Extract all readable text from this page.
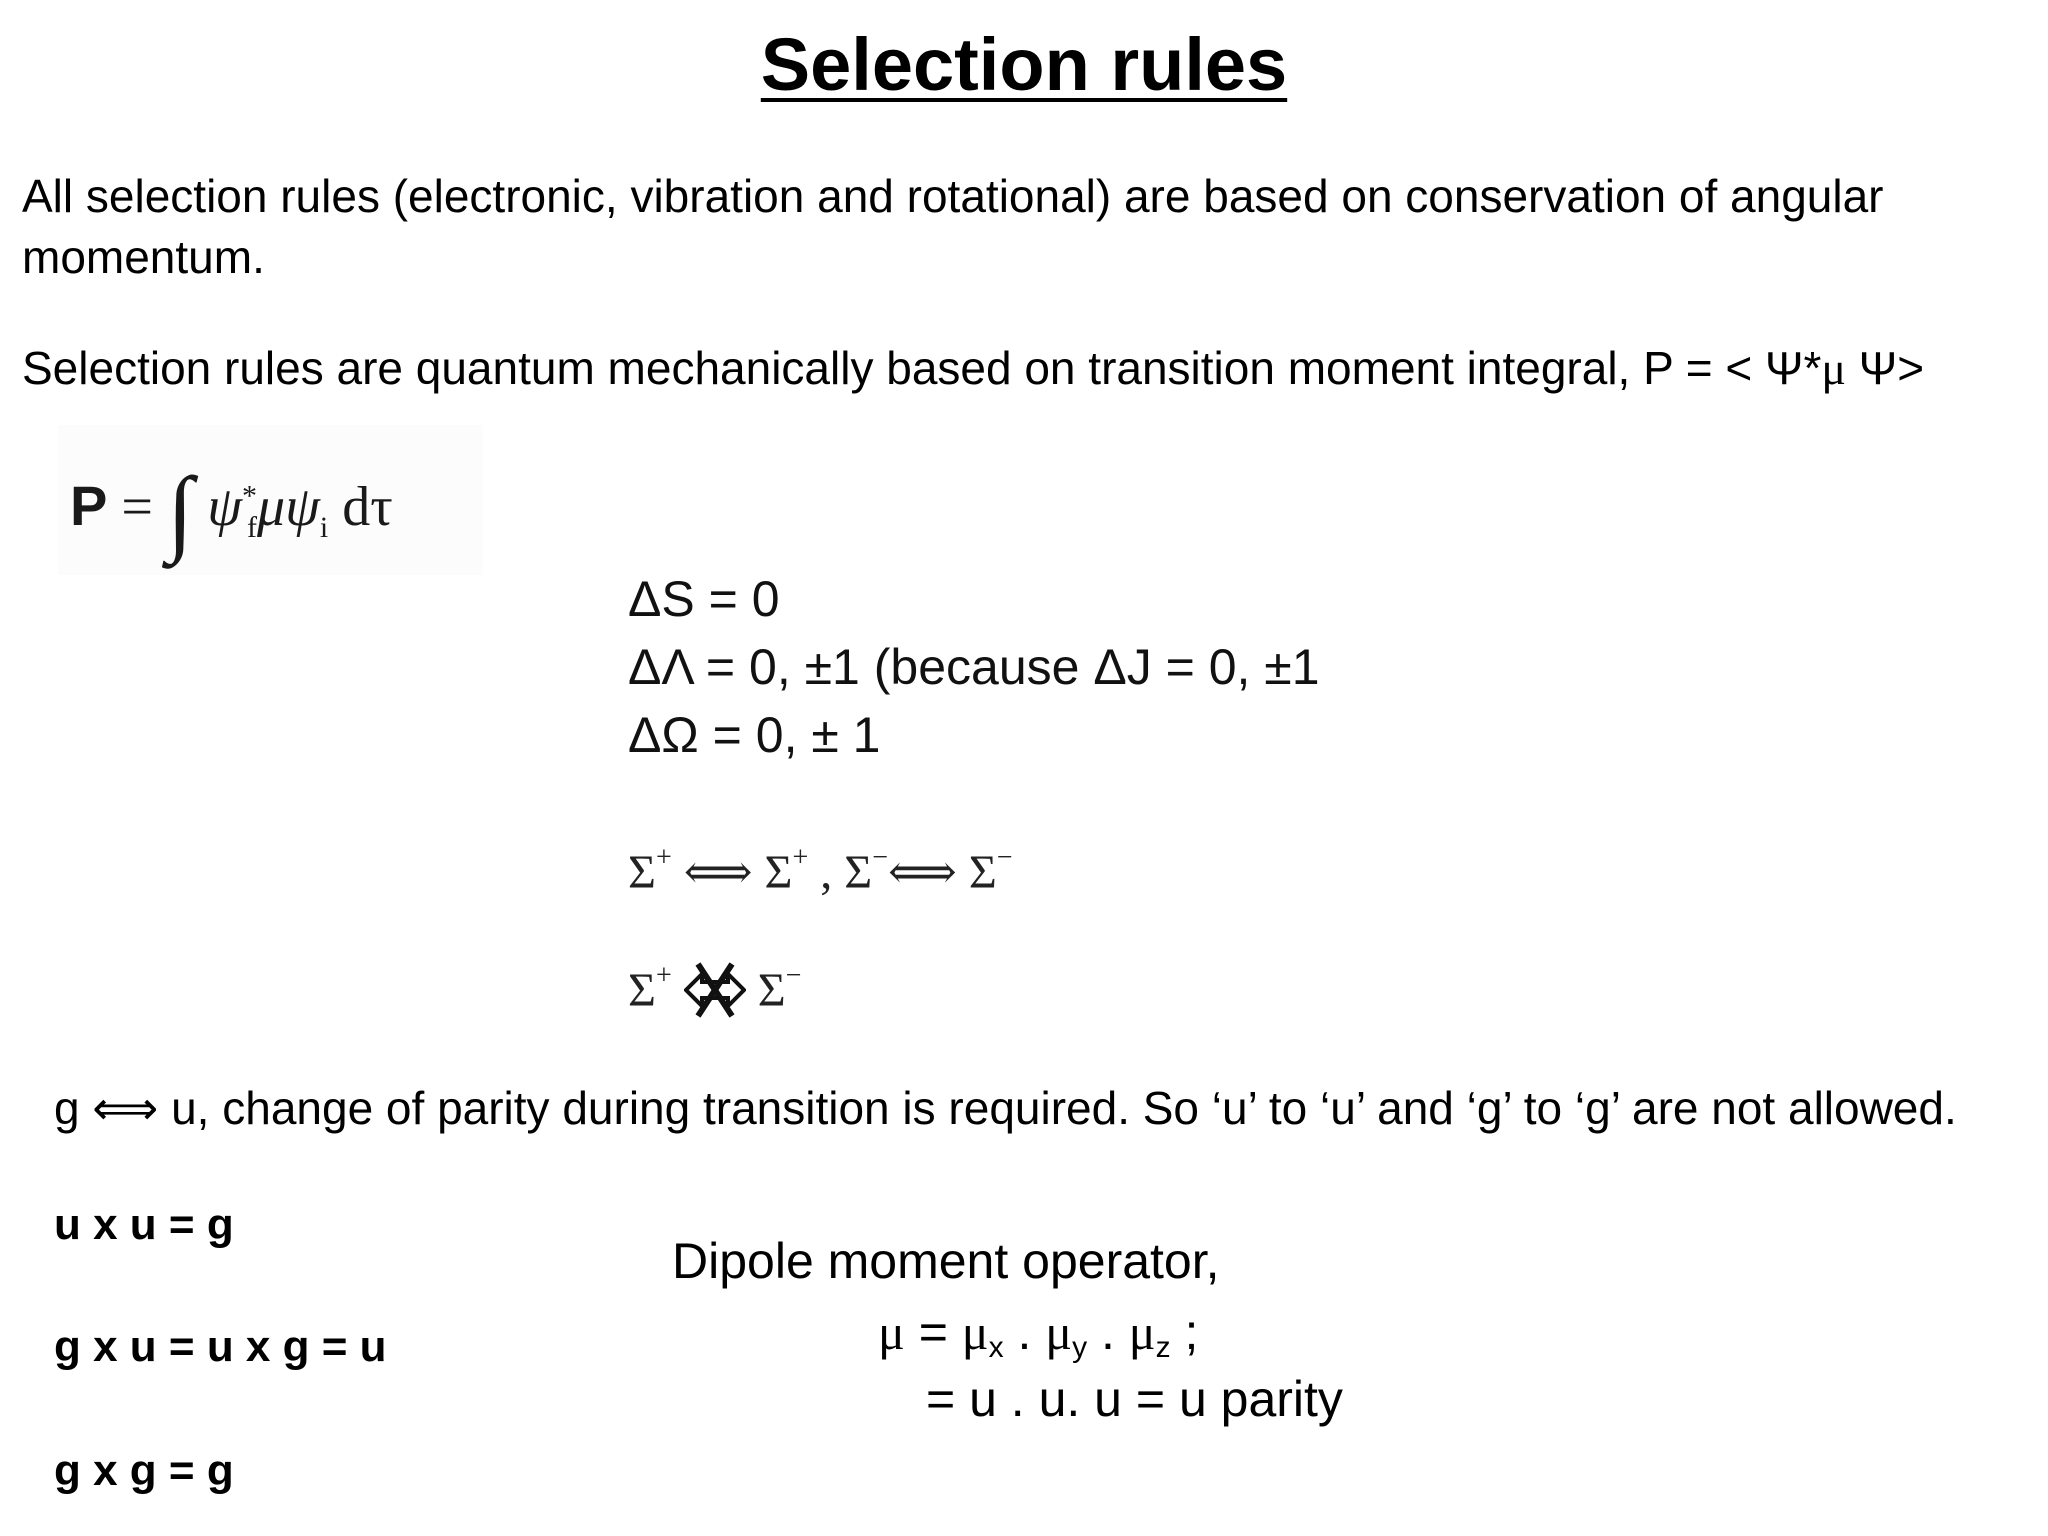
Selection rules
All selection rules (electronic, vibration and rotational) are based on conservation of angular
momentum.
Selection rules are quantum mechanically based on transition moment integral, P = < Ψ*μ Ψ>
P = ∫ $\psi^*_f\mu\psi_i$ dτ
ΔS = 0
ΔΛ = 0, ±1 (because ΔJ = 0, ±1
ΔΩ = 0, ± 1
Σ+ ⟺ Σ+ , Σ−⟺ Σ−
Σ+ Σ−
g ⟺ u, change of parity during transition is required. So ‘u’ to ‘u’ and ‘g’ to ‘g’ are not allowed.
u x u = g
g x u = u x g = u
g x g = g
Dipole moment operator,
$\mu = \mu_x$ . $\mu_y$ . $\mu_z$ ;
= u . u. u = u parity
